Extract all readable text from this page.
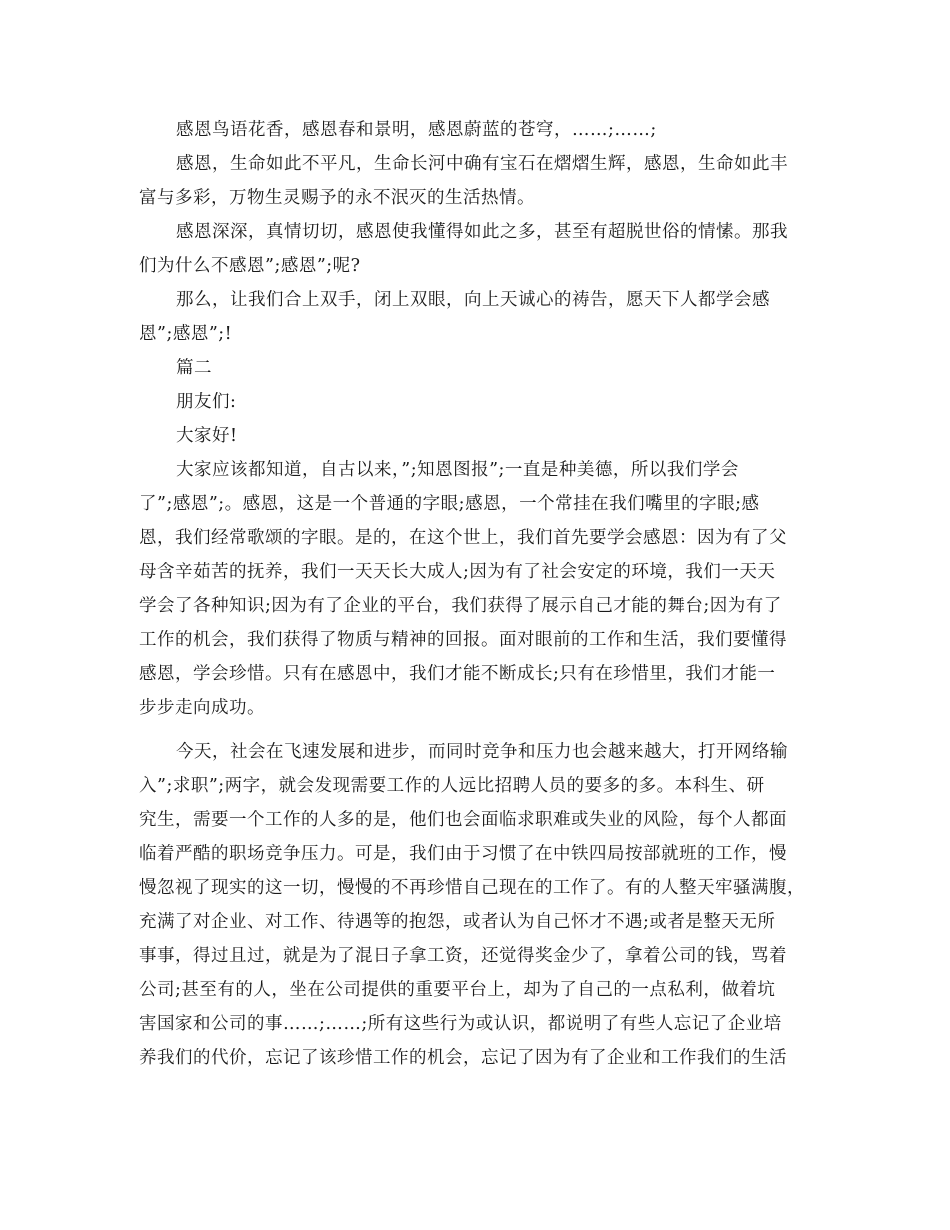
感恩鸟语花香，感恩春和景明，感恩蔚蓝的苍穹，……;……;
感恩，生命如此不平凡，生命长河中确有宝石在熠熠生辉，感恩，生命如此丰
富与多彩，万物生灵赐予的永不泯灭的生活热情。
感恩深深，真情切切，感恩使我懂得如此之多，甚至有超脱世俗的情愫。那我
们为什么不感恩”;感恩”;呢?
那么，让我们合上双手，闭上双眼，向上天诚心的祷告，愿天下人都学会感
恩”;感恩”;!
篇二
朋友们:
大家好!
大家应该都知道，自古以来，”;知恩图报”;一直是种美德，所以我们学会
了”;感恩”;。感恩，这是一个普通的字眼;感恩，一个常挂在我们嘴里的字眼;感
恩，我们经常歌颂的字眼。是的，在这个世上，我们首先要学会感恩：因为有了父
母含辛茹苦的抚养，我们一天天长大成人;因为有了社会安定的环境，我们一天天
学会了各种知识;因为有了企业的平台，我们获得了展示自己才能的舞台;因为有了
工作的机会，我们获得了物质与精神的回报。面对眼前的工作和生活，我们要懂得
感恩，学会珍惜。只有在感恩中，我们才能不断成长;只有在珍惜里，我们才能一
步步走向成功。
今天，社会在飞速发展和进步，而同时竞争和压力也会越来越大，打开网络输
入”;求职”;两字，就会发现需要工作的人远比招聘人员的要多的多。本科生、研
究生，需要一个工作的人多的是，他们也会面临求职难或失业的风险，每个人都面
临着严酷的职场竞争压力。可是，我们由于习惯了在中铁四局按部就班的工作，慢
慢忽视了现实的这一切，慢慢的不再珍惜自己现在的工作了。有的人整天牢骚满腹，
充满了对企业、对工作、待遇等的抱怨，或者认为自己怀才不遇;或者是整天无所
事事，得过且过，就是为了混日子拿工资，还觉得奖金少了，拿着公司的钱，骂着
公司;甚至有的人，坐在公司提供的重要平台上，却为了自己的一点私利，做着坑
害国家和公司的事……;……;所有这些行为或认识，都说明了有些人忘记了企业培
养我们的代价，忘记了该珍惜工作的机会，忘记了因为有了企业和工作我们的生活
